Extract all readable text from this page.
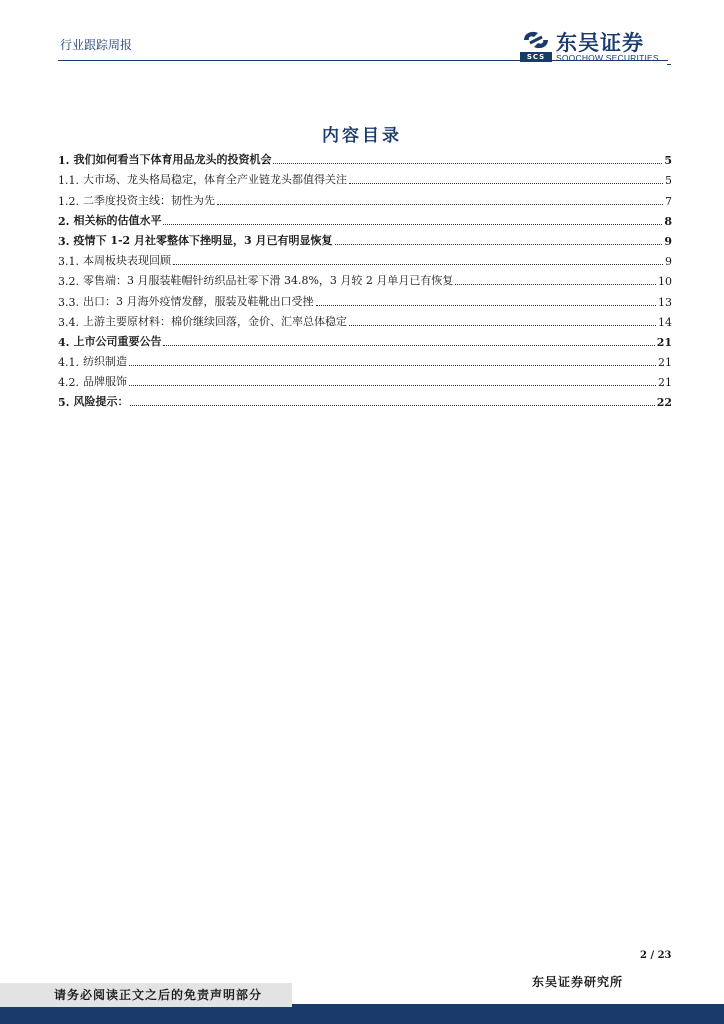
行业跟踪周报
SCS
东吴证券
SOOCHOW SECURITIES
内容目录
1. 我们如何看当下体育用品龙头的投资机会	5
1.1. 大市场、龙头格局稳定，体育全产业链龙头都值得关注	5
1.2. 二季度投资主线：韧性为先	7
2. 相关标的估值水平	8
3. 疫情下 1-2 月社零整体下挫明显，3 月已有明显恢复	9
3.1. 本周板块表现回顾	9
3.2. 零售端：3 月服装鞋帽针纺织品社零下滑 34.8%，3 月较 2 月单月已有恢复	10
3.3. 出口：3 月海外疫情发酵，服装及鞋靴出口受挫	13
3.4. 上游主要原材料：棉价继续回落，金价、汇率总体稳定	14
4. 上市公司重要公告	21
4.1. 纺织制造	21
4.2. 品牌服饰	21
5. 风险提示：	22
2 / 23
东吴证券研究所
请务必阅读正文之后的免责声明部分
